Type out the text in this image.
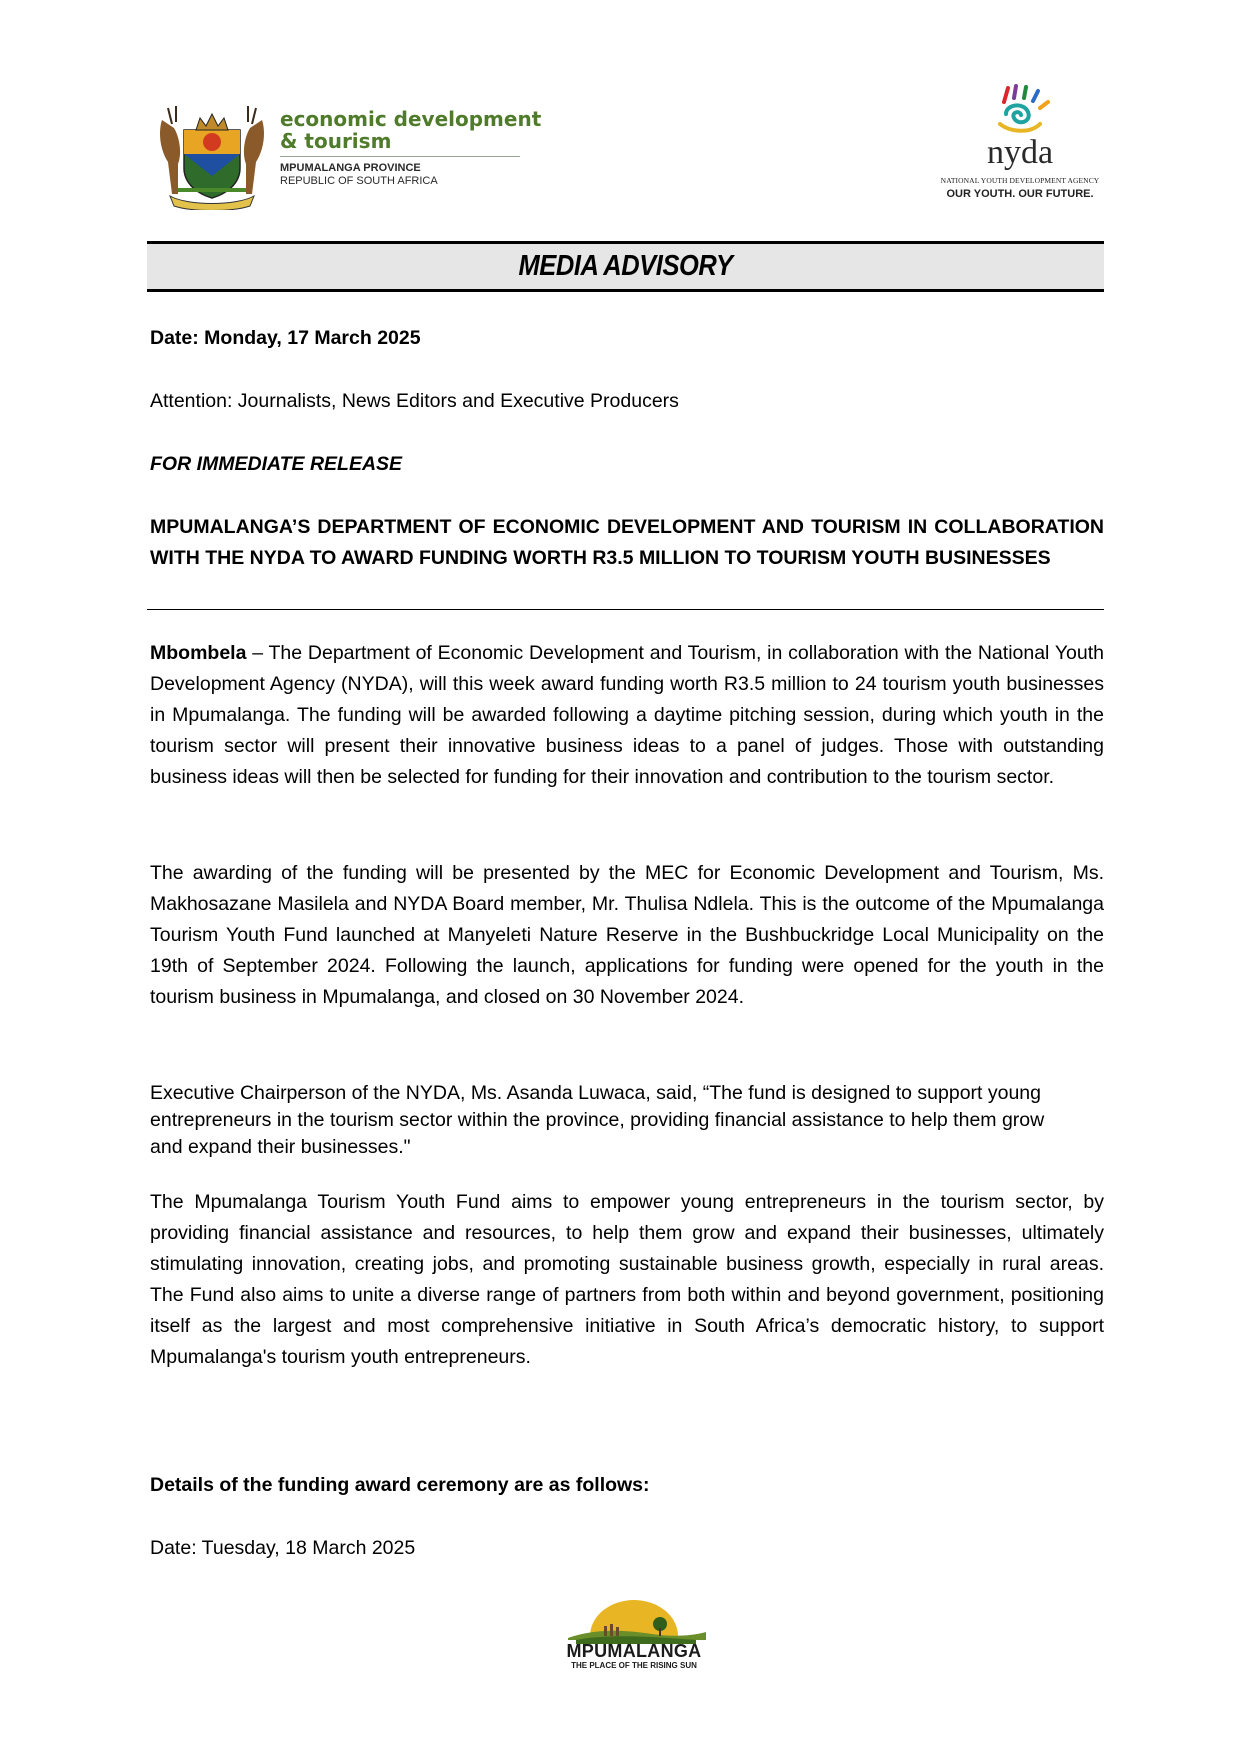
economic development
& tourism
MPUMALANGA PROVINCE
REPUBLIC OF SOUTH AFRICA
nyda
NATIONAL YOUTH DEVELOPMENT AGENCY
OUR YOUTH. OUR FUTURE.
MEDIA ADVISORY
Date: Monday, 17 March 2025
Attention: Journalists, News Editors and Executive Producers
FOR IMMEDIATE RELEASE
MPUMALANGA’S DEPARTMENT OF ECONOMIC DEVELOPMENT AND TOURISM IN COLLABORATION WITH THE NYDA TO AWARD FUNDING WORTH R3.5 MILLION TO TOURISM YOUTH BUSINESSES
Mbombela – The Department of Economic Development and Tourism, in collaboration with the National Youth Development Agency (NYDA), will this week award funding worth R3.5 million to 24 tourism youth businesses in Mpumalanga. The funding will be awarded following a daytime pitching session, during which youth in the tourism sector will present their innovative business ideas to a panel of judges. Those with outstanding business ideas will then be selected for funding for their innovation and contribution to the tourism sector.
The awarding of the funding will be presented by the MEC for Economic Development and Tourism, Ms. Makhosazane Masilela and NYDA Board member, Mr. Thulisa Ndlela. This is the outcome of the Mpumalanga Tourism Youth Fund launched at Manyeleti Nature Reserve in the Bushbuckridge Local Municipality on the 19th of September 2024. Following the launch, applications for funding were opened for the youth in the tourism business in Mpumalanga, and closed on 30 November 2024.
Executive Chairperson of the NYDA, Ms. Asanda Luwaca, said, “The fund is designed to support young entrepreneurs in the tourism sector within the province, providing financial assistance to help them grow and expand their businesses."
The Mpumalanga Tourism Youth Fund aims to empower young entrepreneurs in the tourism sector, by providing financial assistance and resources, to help them grow and expand their businesses, ultimately stimulating innovation, creating jobs, and promoting sustainable business growth, especially in rural areas. The Fund also aims to unite a diverse range of partners from both within and beyond government, positioning itself as the largest and most comprehensive initiative in South Africa’s democratic history, to support Mpumalanga's tourism youth entrepreneurs.
Details of the funding award ceremony are as follows:
Date: Tuesday, 18 March 2025
MPUMALANGA
THE PLACE OF THE RISING SUN
